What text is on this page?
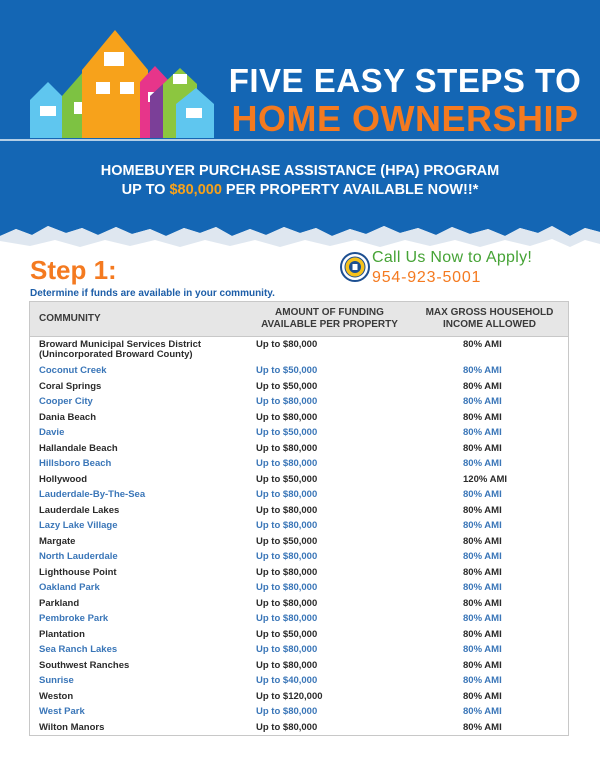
FIVE EASY STEPS TO
HOME OWNERSHIP
HOMEBUYER PURCHASE ASSISTANCE (HPA) PROGRAM
UP TO $80,000 PER PROPERTY AVAILABLE NOW!!*
Step 1:
Determine if funds are available in your community.
Call Us Now to Apply!
954-923-5001
COMMUNITY	AMOUNT OF FUNDING AVAILABLE PER PROPERTY	MAX GROSS HOUSEHOLD INCOME ALLOWED
Broward Municipal Services District (Unincorporated Broward County)	Up to $80,000	80% AMI
Coconut Creek	Up to $50,000	80% AMI
Coral Springs	Up to $50,000	80% AMI
Cooper City	Up to $80,000	80% AMI
Dania Beach	Up to $80,000	80% AMI
Davie	Up to $50,000	80% AMI
Hallandale Beach	Up to $80,000	80% AMI
Hillsboro Beach	Up to $80,000	80% AMI
Hollywood	Up to $50,000	120% AMI
Lauderdale-By-The-Sea	Up to $80,000	80% AMI
Lauderdale Lakes	Up to $80,000	80% AMI
Lazy Lake Village	Up to $80,000	80% AMI
Margate	Up to $50,000	80% AMI
North Lauderdale	Up to $80,000	80% AMI
Lighthouse Point	Up to $80,000	80% AMI
Oakland Park	Up to $80,000	80% AMI
Parkland	Up to $80,000	80% AMI
Pembroke Park	Up to $80,000	80% AMI
Plantation	Up to $50,000	80% AMI
Sea Ranch Lakes	Up to $80,000	80% AMI
Southwest Ranches	Up to $80,000	80% AMI
Sunrise	Up to $40,000	80% AMI
Weston	Up to $120,000	80% AMI
West Park	Up to $80,000	80% AMI
Wilton Manors	Up to $80,000	80% AMI
